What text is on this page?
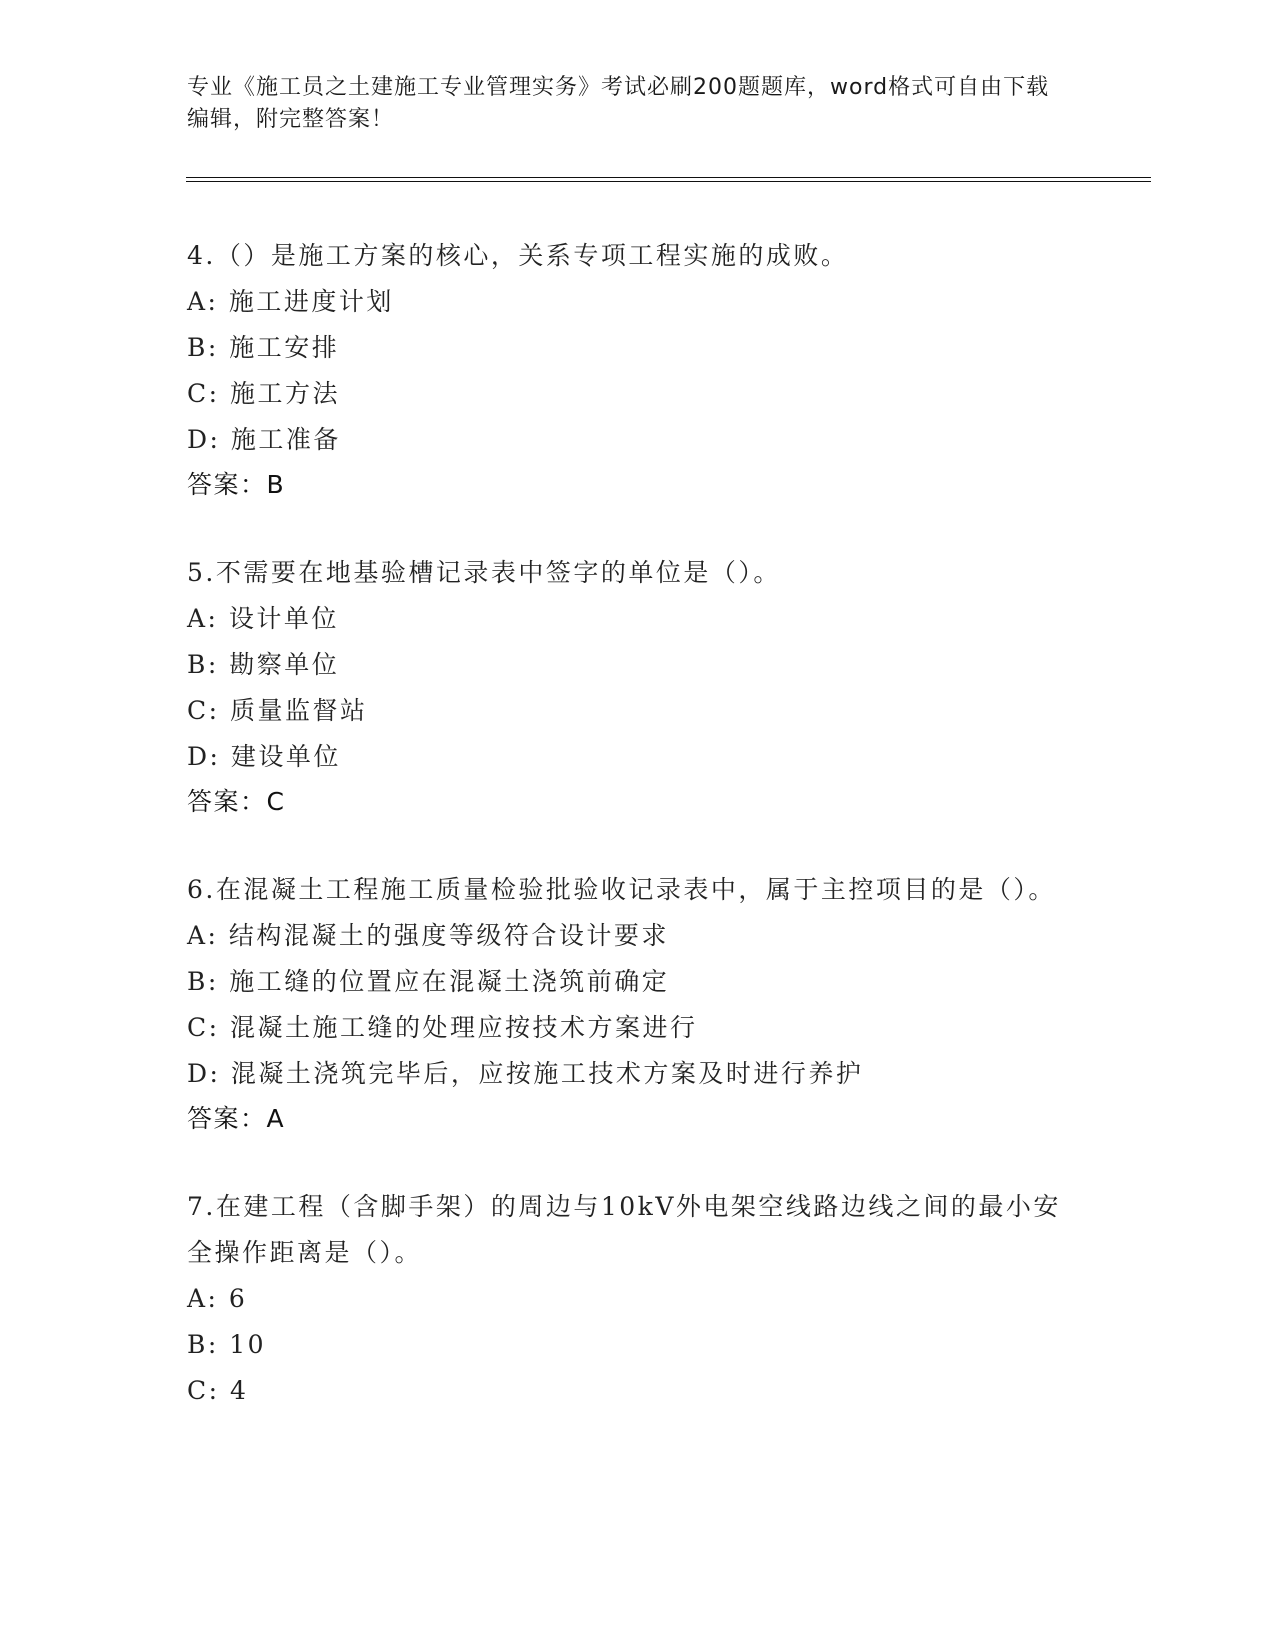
专业《施工员之土建施工专业管理实务》考试必刷200题题库，word格式可自由下载编辑，附完整答案！
4.（）是施工方案的核心，关系专项工程实施的成败。
A: 施工进度计划
B: 施工安排
C: 施工方法
D: 施工准备
答案：B
5.不需要在地基验槽记录表中签字的单位是（）。
A: 设计单位
B: 勘察单位
C: 质量监督站
D: 建设单位
答案：C
6.在混凝土工程施工质量检验批验收记录表中，属于主控项目的是（）。
A: 结构混凝土的强度等级符合设计要求
B: 施工缝的位置应在混凝土浇筑前确定
C: 混凝土施工缝的处理应按技术方案进行
D: 混凝土浇筑完毕后，应按施工技术方案及时进行养护
答案：A
7.在建工程（含脚手架）的周边与10kV外电架空线路边线之间的最小安全操作距离是（）。
A: 6
B: 10
C: 4
